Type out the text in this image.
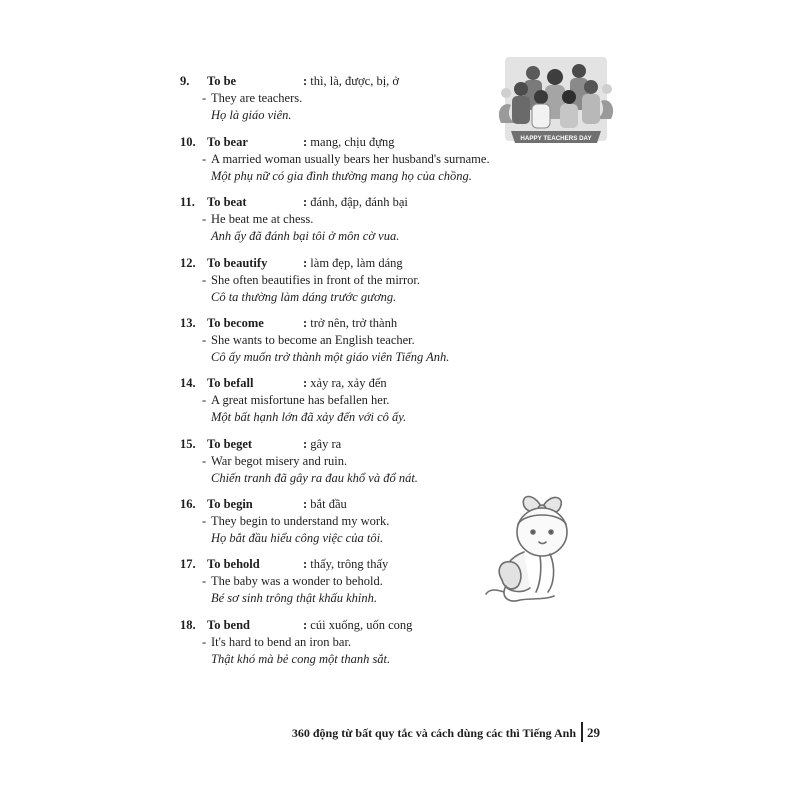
9. To be	: thì, là, được, bị, ở
- They are teachers.
Họ là giáo viên.
10. To bear	: mang, chịu đựng
- A married woman usually bears her husband's surname.
Một phụ nữ có gia đình thường mang họ của chồng.
11. To beat	: đánh, đập, đánh bại
- He beat me at chess.
Anh ấy đã đánh bại tôi ở môn cờ vua.
12. To beautify	: làm đẹp, làm dáng
- She often beautifies in front of the mirror.
Cô ta thường làm dáng trước gương.
13. To become	: trở nên, trở thành
- She wants to become an English teacher.
Cô ấy muốn trở thành một giáo viên Tiếng Anh.
14. To befall	: xảy ra, xảy đến
- A great misfortune has befallen her.
Một bất hạnh lớn đã xảy đến với cô ấy.
15. To beget	: gây ra
- War begot misery and ruin.
Chiến tranh đã gây ra đau khổ và đổ nát.
16. To begin	: bắt đầu
- They begin to understand my work.
Họ bắt đầu hiểu công việc của tôi.
17. To behold	: thấy, trông thấy
- The baby was a wonder to behold.
Bé sơ sinh trông thật khấu khỉnh.
18. To bend	: cúi xuống, uốn cong
- It's hard to bend an iron bar.
Thật khó mà bẻ cong một thanh sắt.
HAPPY TEACHERS DAY
360 động từ bất quy tắc và cách dùng các thì Tiếng Anh 29
